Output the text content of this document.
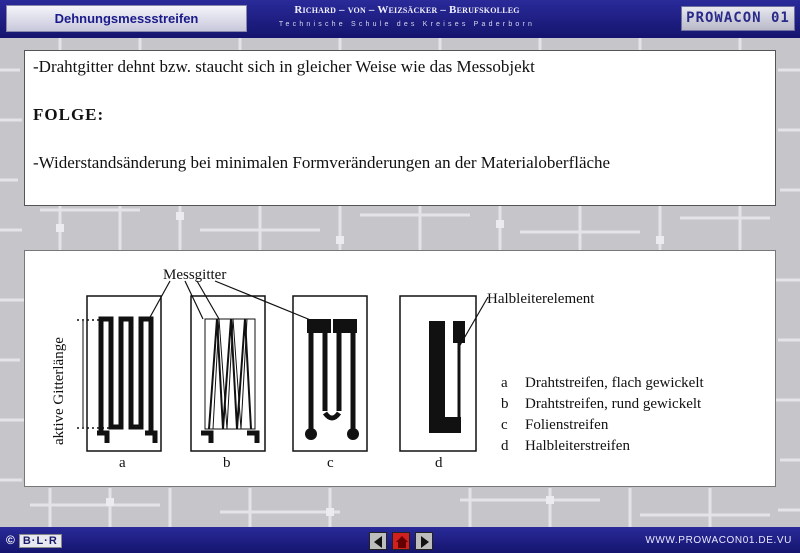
Dehnungsmessstreifen
Richard – von – Weizsäcker – Berufskolleg
Technische Schule des Kreises Paderborn	PROWACON 01
-Drahtgitter dehnt bzw. staucht sich in gleicher Weise wie das Messobjekt
FOLGE:
-Widerstandsänderung bei minimalen Formveränderungen an der Materialoberfläche
aktive Gitterlänge
Messgitter
Halbleiterelement
a	b	c	d
a Drahtstreifen, flach gewickelt
b Drahtstreifen, rund gewickelt
c Folienstreifen
d Halbleiterstreifen
© B·L·R	WWW.PROWACON01.DE.VU
